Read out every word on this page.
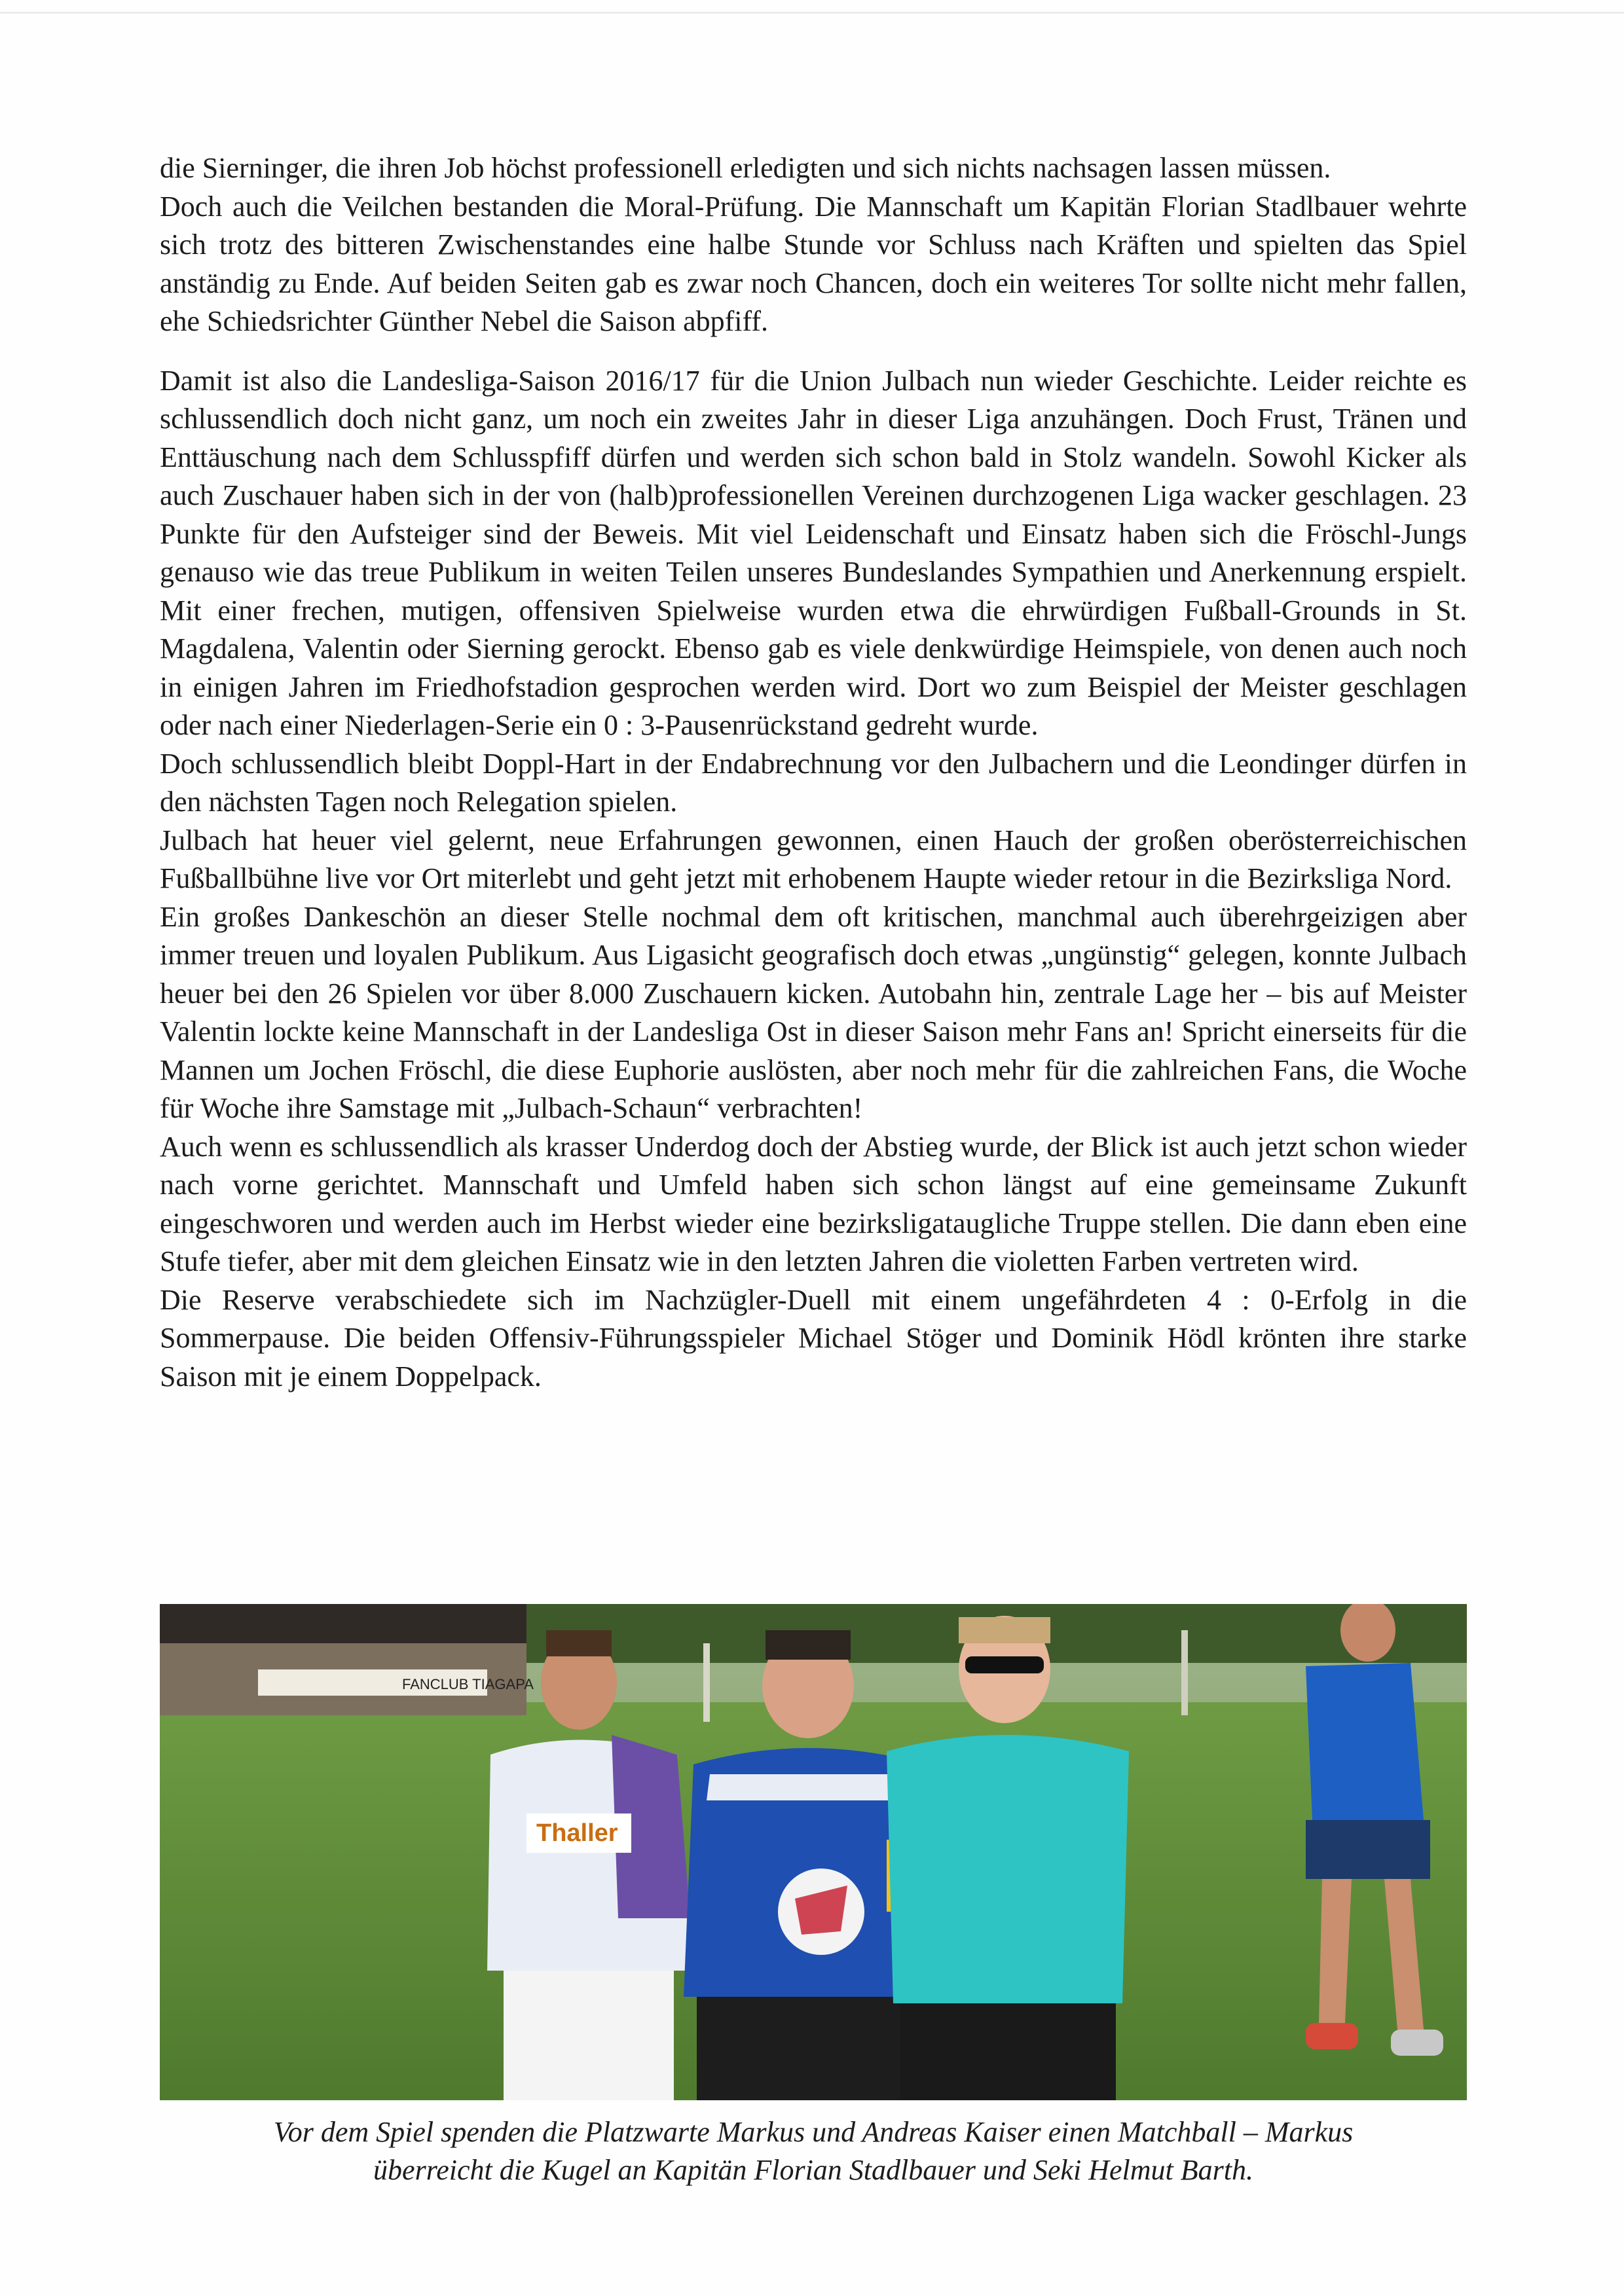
die Sierninger, die ihren Job höchst professionell erledigten und sich nichts nachsagen lassen müssen.

Doch auch die Veilchen bestanden die Moral-Prüfung. Die Mannschaft um Kapitän Florian Stadlbauer wehrte sich trotz des bitteren Zwischenstandes eine halbe Stunde vor Schluss nach Kräften und spielten das Spiel anständig zu Ende. Auf beiden Seiten gab es zwar noch Chancen, doch ein weiteres Tor sollte nicht mehr fallen, ehe Schiedsrichter Günther Nebel die Saison abpfiff.

Damit ist also die Landesliga-Saison 2016/17 für die Union Julbach nun wieder Geschichte. Leider reichte es schlussendlich doch nicht ganz, um noch ein zweites Jahr in dieser Liga anzuhängen. Doch Frust, Tränen und Enttäuschung nach dem Schlusspfiff dürfen und werden sich schon bald in Stolz wandeln. Sowohl Kicker als auch Zuschauer haben sich in der von (halb)professionellen Vereinen durchzogenen Liga wacker geschlagen. 23 Punkte für den Aufsteiger sind der Beweis. Mit viel Leidenschaft und Einsatz haben sich die Fröschl-Jungs genauso wie das treue Publikum in weiten Teilen unseres Bundeslandes Sympathien und Anerkennung erspielt. Mit einer frechen, mutigen, offensiven Spielweise wurden etwa die ehrwürdigen Fußball-Grounds in St. Magdalena, Valentin oder Sierning gerockt. Ebenso gab es viele denkwürdige Heimspiele, von denen auch noch in einigen Jahren im Friedhofstadion gesprochen werden wird. Dort wo zum Beispiel der Meister geschlagen oder nach einer Niederlagen-Serie ein 0 : 3-Pausenrückstand gedreht wurde.

Doch schlussendlich bleibt Doppl-Hart in der Endabrechnung vor den Julbachern und die Leondinger dürfen in den nächsten Tagen noch Relegation spielen.

Julbach hat heuer viel gelernt, neue Erfahrungen gewonnen, einen Hauch der großen oberösterreichischen Fußballbühne live vor Ort miterlebt und geht jetzt mit erhobenem Haupte wieder retour in die Bezirksliga Nord.

Ein großes Dankeschön an dieser Stelle nochmal dem oft kritischen, manchmal auch überehrgeizigen aber immer treuen und loyalen Publikum. Aus Ligasicht geografisch doch etwas „ungünstig“ gelegen, konnte Julbach heuer bei den 26 Spielen vor über 8.000 Zuschauern kicken. Autobahn hin, zentrale Lage her – bis auf Meister Valentin lockte keine Mannschaft in der Landesliga Ost in dieser Saison mehr Fans an! Spricht einerseits für die Mannen um Jochen Fröschl, die diese Euphorie auslösten, aber noch mehr für die zahlreichen Fans, die Woche für Woche ihre Samstage mit „Julbach-Schaun“ verbrachten!

Auch wenn es schlussendlich als krasser Underdog doch der Abstieg wurde, der Blick ist auch jetzt schon wieder nach vorne gerichtet. Mannschaft und Umfeld haben sich schon längst auf eine gemeinsame Zukunft eingeschworen und werden auch im Herbst wieder eine bezirksligataugliche Truppe stellen. Die dann eben eine Stufe tiefer, aber mit dem gleichen Einsatz wie in den letzten Jahren die violetten Farben vertreten wird.

Die Reserve verabschiedete sich im Nachzügler-Duell mit einem ungefährdeten 4 : 0-Erfolg in die Sommerpause. Die beiden Offensiv-Führungsspieler Michael Stöger und Dominik Hödl krönten ihre starke Saison mit je einem Doppelpack.

FANCLUB TIAGAPA
Thaller
Vor dem Spiel spenden die Platzwarte Markus und Andreas Kaiser einen Matchball – Markus
überreicht die Kugel an Kapitän Florian Stadlbauer und Seki Helmut Barth.
